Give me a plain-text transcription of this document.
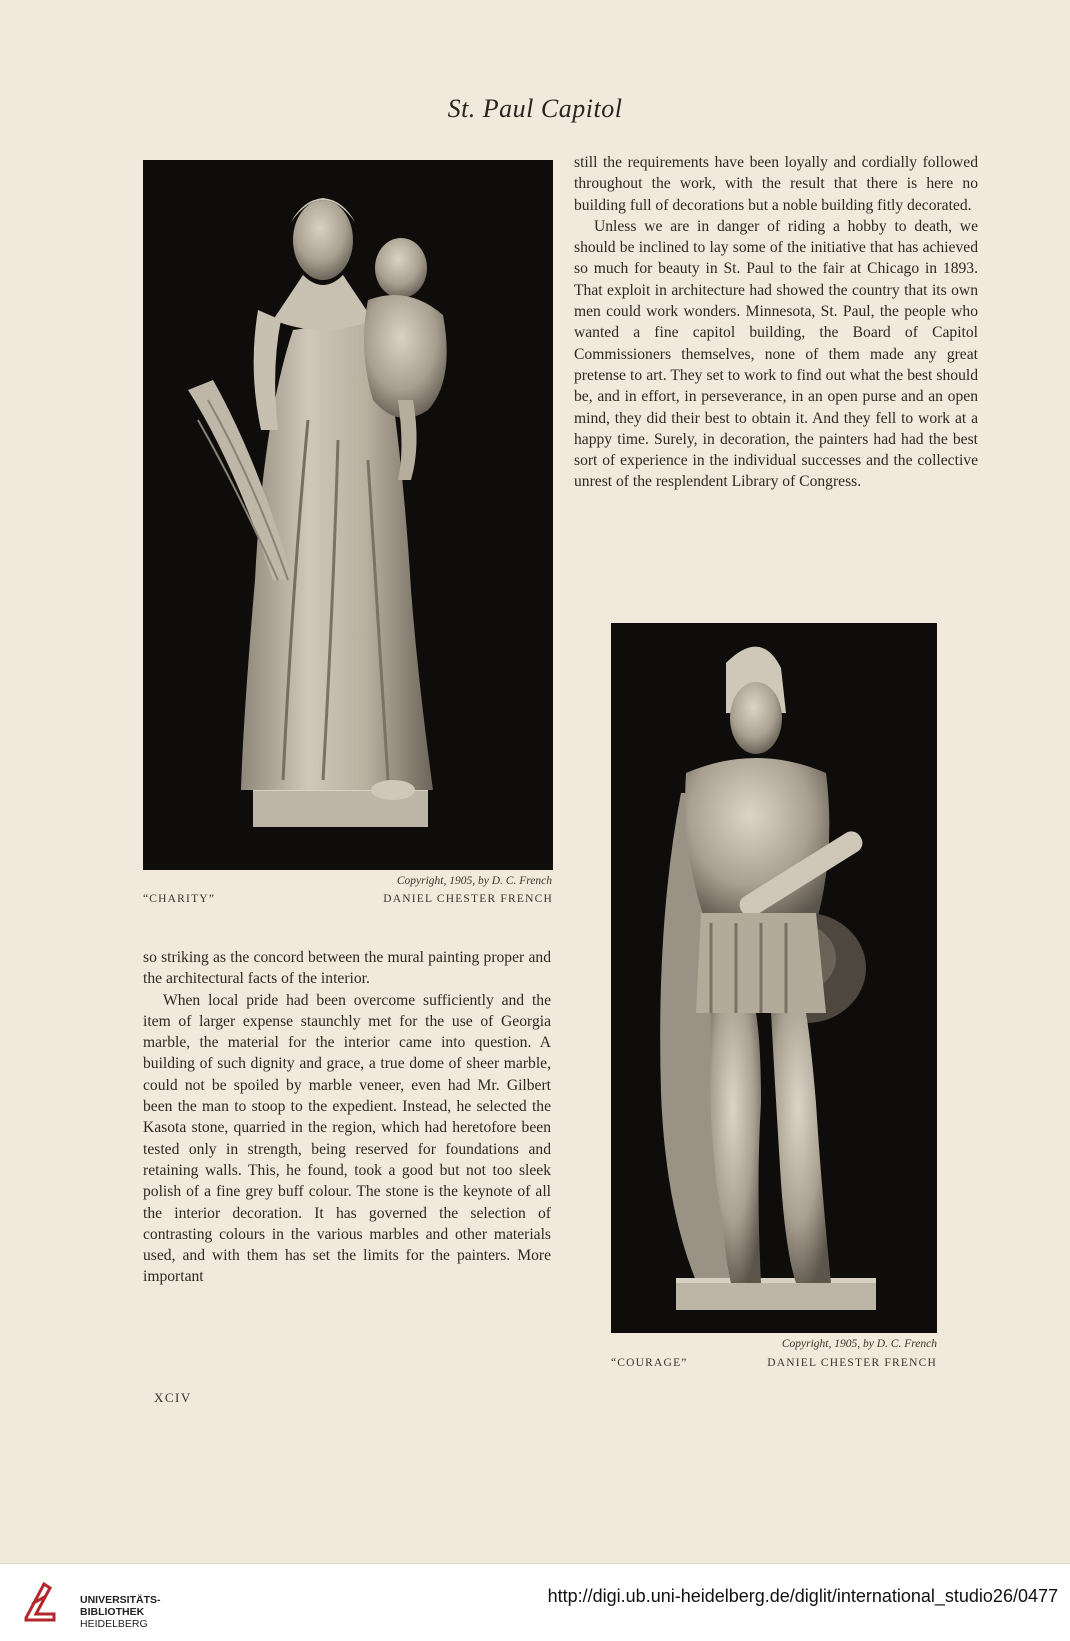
St. Paul Capitol
Copyright, 1905, by D. C. French
“CHARITY”	DANIEL CHESTER FRENCH

still the requirements have been loyally and cordially followed throughout the work, with the result that there is here no building full of decorations but a noble building fitly decorated.

Unless we are in danger of riding a hobby to death, we should be inclined to lay some of the initiative that has achieved so much for beauty in St. Paul to the fair at Chicago in 1893. That exploit in architecture had showed the country that its own men could work wonders. Minnesota, St. Paul, the people who wanted a fine capitol building, the Board of Capitol Commissioners themselves, none of them made any great pretense to art. They set to work to find out what the best should be, and in effort, in perseverance, in an open purse and an open mind, they did their best to obtain it. And they fell to work at a happy time. Surely, in decoration, the painters had had the best sort of experience in the individual successes and the collective unrest of the resplendent Library of Congress.

Copyright, 1905, by D. C. French
“COURAGE”	DANIEL CHESTER FRENCH

so striking as the concord between the mural painting proper and the architectural facts of the interior.

When local pride had been overcome sufficiently and the item of larger expense staunchly met for the use of Georgia marble, the material for the interior came into question. A building of such dignity and grace, a true dome of sheer marble, could not be spoiled by marble veneer, even had Mr. Gilbert been the man to stoop to the expedient. Instead, he selected the Kasota stone, quarried in the region, which had heretofore been tested only in strength, being reserved for foundations and retaining walls. This, he found, took a good but not too sleek polish of a fine grey buff colour. The stone is the keynote of all the interior decoration. It has governed the selection of contrasting colours in the various marbles and other materials used, and with them has set the limits for the painters. More important

XCIV
UNIVERSITÄTS-
BIBLIOTHEK
HEIDELBERG
http://digi.ub.uni-heidelberg.de/diglit/international_studio26/0477
